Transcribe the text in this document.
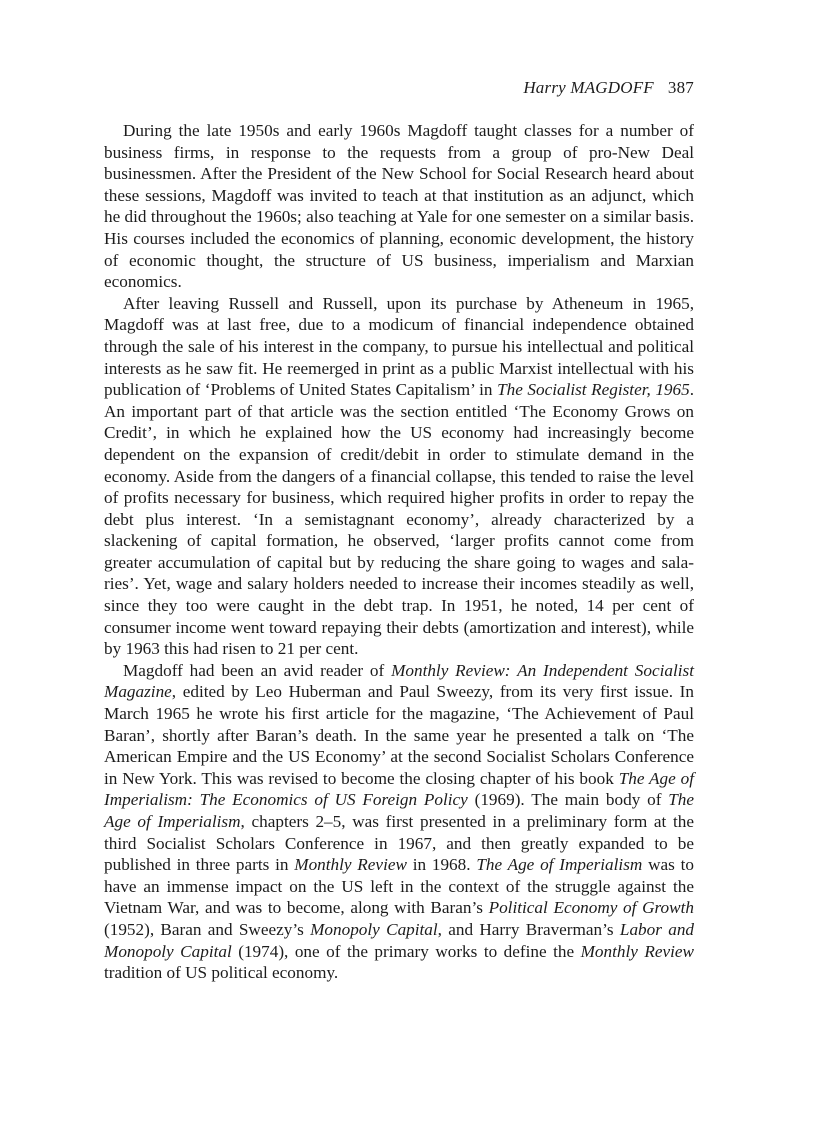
Harry MAGDOFF 387

During the late 1950s and early 1960s Magdoff taught classes for a number of business firms, in response to the requests from a group of pro-New Deal businessmen. After the President of the New School for Social Research heard about these sessions, Magdoff was invited to teach at that institution as an adjunct, which he did throughout the 1960s; also teaching at Yale for one semester on a similar basis. His courses included the economics of planning, economic development, the history of economic thought, the structure of US business, imperialism and Marxian economics.

After leaving Russell and Russell, upon its purchase by Atheneum in 1965, Magdoff was at last free, due to a modicum of financial independence obtained through the sale of his interest in the company, to pursue his intellectual and political interests as he saw fit. He reemerged in print as a public Marxist intellectual with his publication of ‘Problems of United States Capitalism’ in The Socialist Register, 1965. An important part of that article was the section entitled ‘The Economy Grows on Credit’, in which he explained how the US economy had increasingly become dependent on the expansion of credit/​debit in order to stimulate demand in the economy. Aside from the dangers of a financial collapse, this tended to raise the level of profits necessary for business, which required higher profits in order to repay the debt plus interest. ‘In a semistagnant economy’, already characterized by a slackening of capital formation, he observed, ‘larger profits cannot come from greater accumulation of capital but by reducing the share going to wages and salaries’. Yet, wage and salary holders needed to increase their incomes steadily as well, since they too were caught in the debt trap. In 1951, he noted, 14 per cent of consumer income went toward repaying their debts (amortization and interest), while by 1963 this had risen to 21 per cent.

Magdoff had been an avid reader of Monthly Review: An Independent Socialist Magazine, edited by Leo Huberman and Paul Sweezy, from its very first issue. In March 1965 he wrote his first article for the magazine, ‘The Achievement of Paul Baran’, shortly after Baran’s death. In the same year he presented a talk on ‘The American Empire and the US Economy’ at the second Socialist Scholars Conference in New York. This was revised to become the closing chapter of his book The Age of Imperialism: The Economics of US Foreign Policy (1969). The main body of The Age of Imperialism, chapters 2–5, was first presented in a preliminary form at the third Socialist Scholars Conference in 1967, and then greatly expanded to be published in three parts in Monthly Review in 1968. The Age of Imperialism was to have an immense impact on the US left in the context of the struggle against the Vietnam War, and was to become, along with Baran’s Political Economy of Growth (1952), Baran and Sweezy’s Monopoly Capital, and Harry Braverman’s Labor and Monopoly Capital (1974), one of the primary works to define the Monthly Review tradition of US political economy.
